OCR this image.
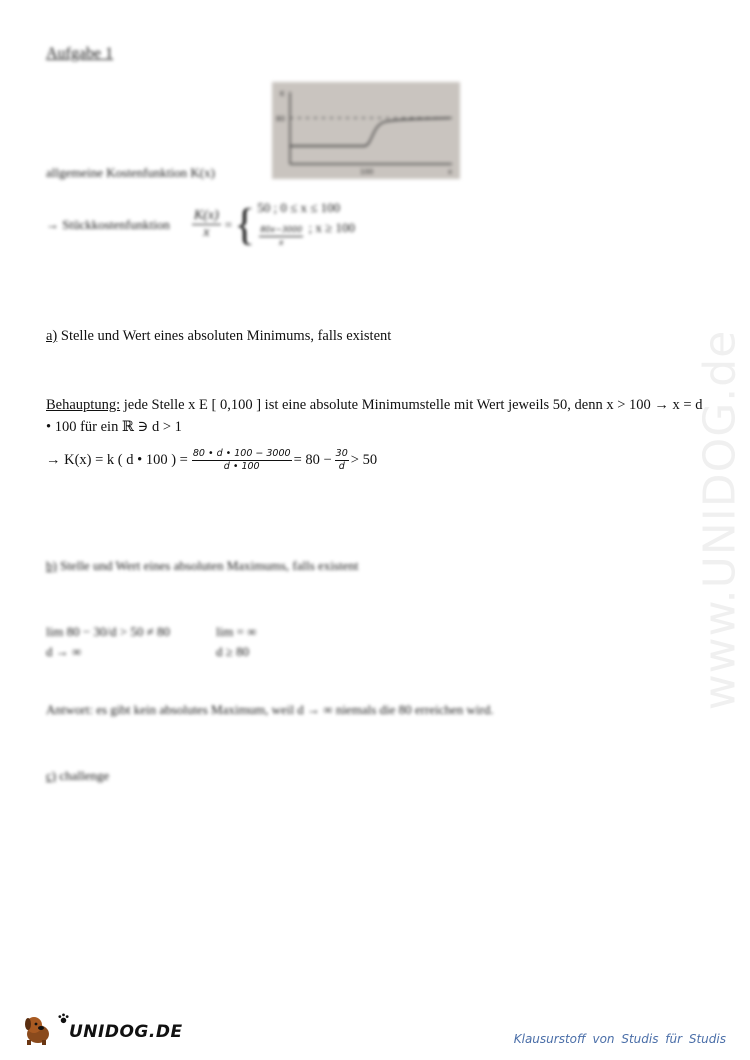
www.UNIDOG.de
Aufgabe 1
K
x
80
100
allgemeine Kostenfunktion K(x)
→ Stückkostenfunktion $\frac{K(x)}{x}$ = { 50 ; 0 ≤ x ≤ 100
$\frac{80x-3000}{x}$ ; x ≥ 100
a) Stelle und Wert eines absoluten Minimums, falls existent
Behauptung: jede Stelle x E [ 0,100 ] ist eine absolute Minimumstelle mit Wert jeweils 50, denn x > 100 → x = d • 100 für ein ℝ ∋ d > 1
→ K(x) = k ( d • 100 ) = $\frac{80 • d • 100 - 3000}{d • 100} = 80 - \frac{30}{d} > 50$
b) Stelle und Wert eines absoluten Maximums, falls existent
lim 80 − 30/d > 50 ≠ 80	lim = ∞
d → ∞	d ≥ 80
Antwort: es gibt kein absolutes Maximum, weil d → ∞ niemals die 80 erreichen wird.
c) challenge
UNIDOG.DE	Klausurstoff von Studis für Studis
